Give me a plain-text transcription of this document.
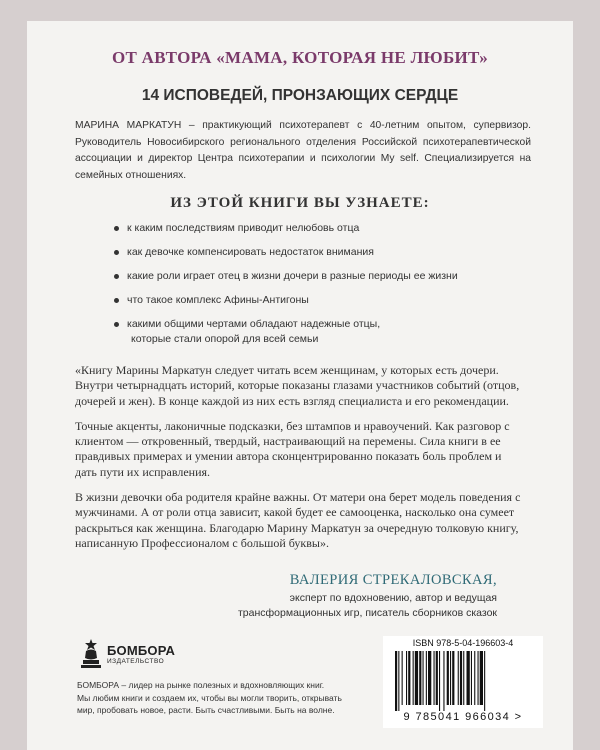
ОТ АВТОРА «МАМА, КОТОРАЯ НЕ ЛЮБИТ»
14 ИСПОВЕДЕЙ, ПРОНЗАЮЩИХ СЕРДЦЕ

МАРИНА МАРКАТУН – практикующий психотерапевт с 40-летним опытом, супервизор. Руководитель Новосибирского регионального отделения Российской психотерапевтической ассоциации и директор Центра психотерапии и психологии My self. Специализируется на семейных отношениях.

ИЗ ЭТОЙ КНИГИ ВЫ УЗНАЕТЕ:
к каким последствиям приводит нелюбовь отца
как девочке компенсировать недостаток внимания
какие роли играет отец в жизни дочери в разные периоды ее жизни
что такое комплекс Афины-Антигоны
какими общими чертами обладают надежные отцы,
которые стали опорой для всей семьи

«Книгу Марины Маркатун следует читать всем женщинам, у которых есть дочери. Внутри четырнадцать историй, которые показаны глазами участников событий (отцов, дочерей и жен). В конце каждой из них есть взгляд специалиста и его рекомендации.

Точные акценты, лаконичные подсказки, без штампов и нравоучений. Как разговор с клиентом — откровенный, твердый, настраивающий на перемены. Сила книги в ее правдивых примерах и умении автора сконцентрированно показать боль проблем и дать пути их исправления.

В жизни девочки оба родителя крайне важны. От матери она берет модель поведения с мужчинами. А от роли отца зависит, какой будет ее самооценка, насколько она сумеет раскрыться как женщина. Благодарю Марину Маркатун за очередную толковую книгу, написанную Профессионалом с большой буквы».

ВАЛЕРИЯ СТРЕКАЛОВСКАЯ,
эксперт по вдохновению, автор и ведущая
трансформационных игр, писатель сборников сказок
БОМБОРА
ИЗДАТЕЛЬСТВО
БОМБОРА – лидер на рынке полезных и вдохновляющих книг.
Мы любим книги и создаем их, чтобы вы могли творить, открывать
мир, пробовать новое, расти. Быть счастливыми. Быть на волне.
ISBN 978-5-04-196603-4
9 785041 966034 >
